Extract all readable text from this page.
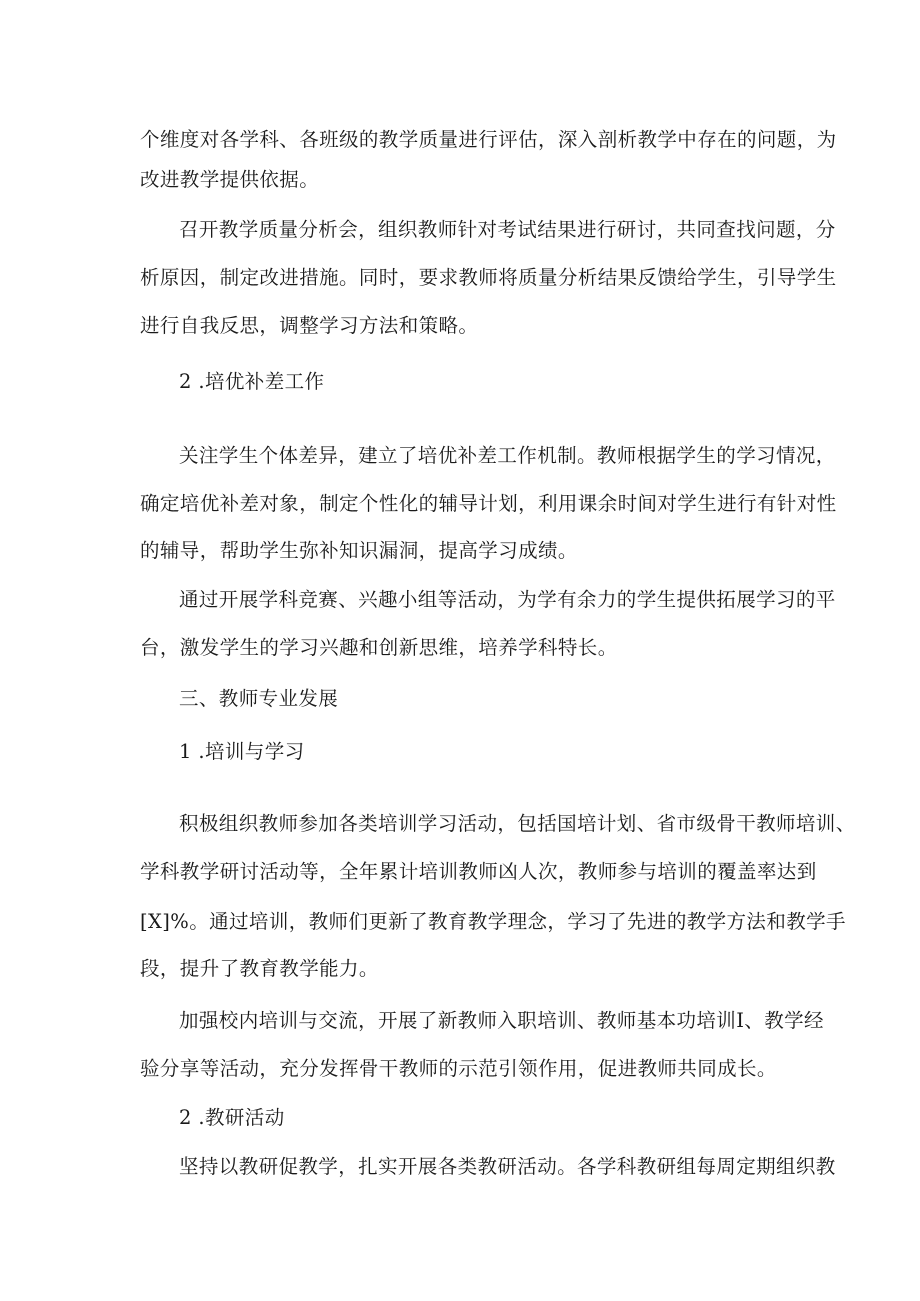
个维度对各学科、各班级的教学质量进行评估，深入剖析教学中存在的问题，为
改进教学提供依据。
召开教学质量分析会，组织教师针对考试结果进行研讨，共同查找问题，分
析原因，制定改进措施。同时，要求教师将质量分析结果反馈给学生，引导学生
进行自我反思，调整学习方法和策略。
2 .培优补差工作
关注学生个体差异，建立了培优补差工作机制。教师根据学生的学习情况，
确定培优补差对象，制定个性化的辅导计划，利用课余时间对学生进行有针对性
的辅导，帮助学生弥补知识漏洞，提高学习成绩。
通过开展学科竞赛、兴趣小组等活动，为学有余力的学生提供拓展学习的平
台，激发学生的学习兴趣和创新思维，培养学科特长。
三、教师专业发展
1 .培训与学习
积极组织教师参加各类培训学习活动，包括国培计划、省市级骨干教师培训、
学科教学研讨活动等，全年累计培训教师凶人次，教师参与培训的覆盖率达到
[X]%。通过培训，教师们更新了教育教学理念，学习了先进的教学方法和教学手
段，提升了教育教学能力。
加强校内培训与交流，开展了新教师入职培训、教师基本功培训I、教学经
验分享等活动，充分发挥骨干教师的示范引领作用，促进教师共同成长。
2 .教研活动
坚持以教研促教学，扎实开展各类教研活动。各学科教研组每周定期组织教
